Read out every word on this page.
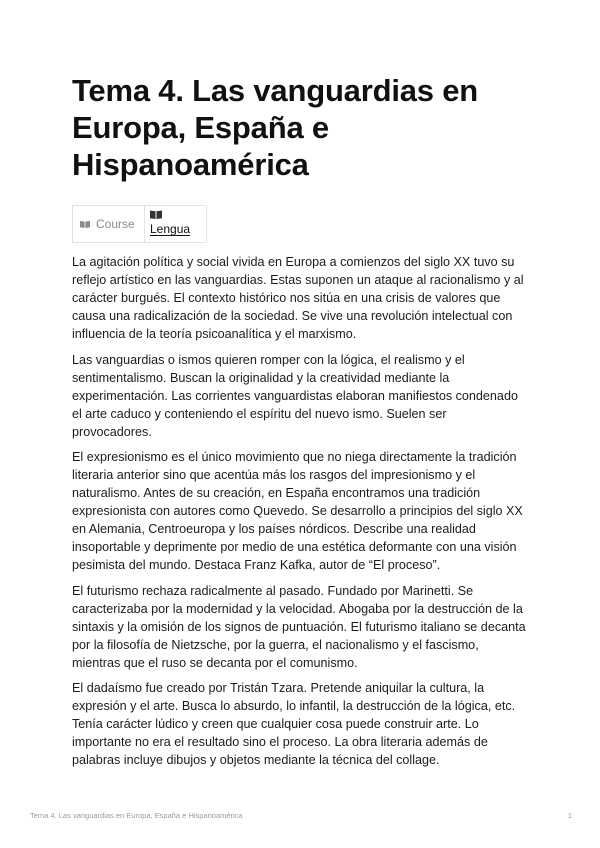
Tema 4. Las vanguardias en Europa, España e Hispanoamérica
Course	Lengua

La agitación política y social vivida en Europa a comienzos del siglo XX tuvo su reflejo artístico en las vanguardias. Estas suponen un ataque al racionalismo y al carácter burgués. El contexto histórico nos sitúa en una crisis de valores que causa una radicalización de la sociedad. Se vive una revolución intelectual con influencia de la teoría psicoanalítica y el marxismo.

Las vanguardias o ismos quieren romper con la lógica, el realismo y el sentimentalismo. Buscan la originalidad y la creatividad mediante la experimentación. Las corrientes vanguardistas elaboran manifiestos condenado el arte caduco y conteniendo el espíritu del nuevo ismo. Suelen ser provocadores.

El expresionismo es el único movimiento que no niega directamente la tradición literaria anterior sino que acentúa más los rasgos del impresionismo y el naturalismo. Antes de su creación, en España encontramos una tradición expresionista con autores como Quevedo. Se desarrollo a principios del siglo XX en Alemania, Centroeuropa y los países nórdicos. Describe una realidad insoportable y deprimente por medio de una estética deformante con una visión pesimista del mundo. Destaca Franz Kafka, autor de “El proceso”.

El futurismo rechaza radicalmente al pasado. Fundado por Marinetti. Se caracterizaba por la modernidad y la velocidad. Abogaba por la destrucción de la sintaxis y la omisión de los signos de puntuación. El futurismo italiano se decanta por la filosofía de Nietzsche, por la guerra, el nacionalismo y el fascismo, mientras que el ruso se decanta por el comunismo.

El dadaísmo fue creado por Tristán Tzara. Pretende aniquilar la cultura, la expresión y el arte. Busca lo absurdo, lo infantil, la destrucción de la lógica, etc. Tenía carácter lúdico y creen que cualquier cosa puede construir arte. Lo importante no era el resultado sino el proceso. La obra literaria además de palabras incluye dibujos y objetos mediante la técnica del collage.

Tema 4. Las vanguardias en Europa, España e Hispanoamérica	1
